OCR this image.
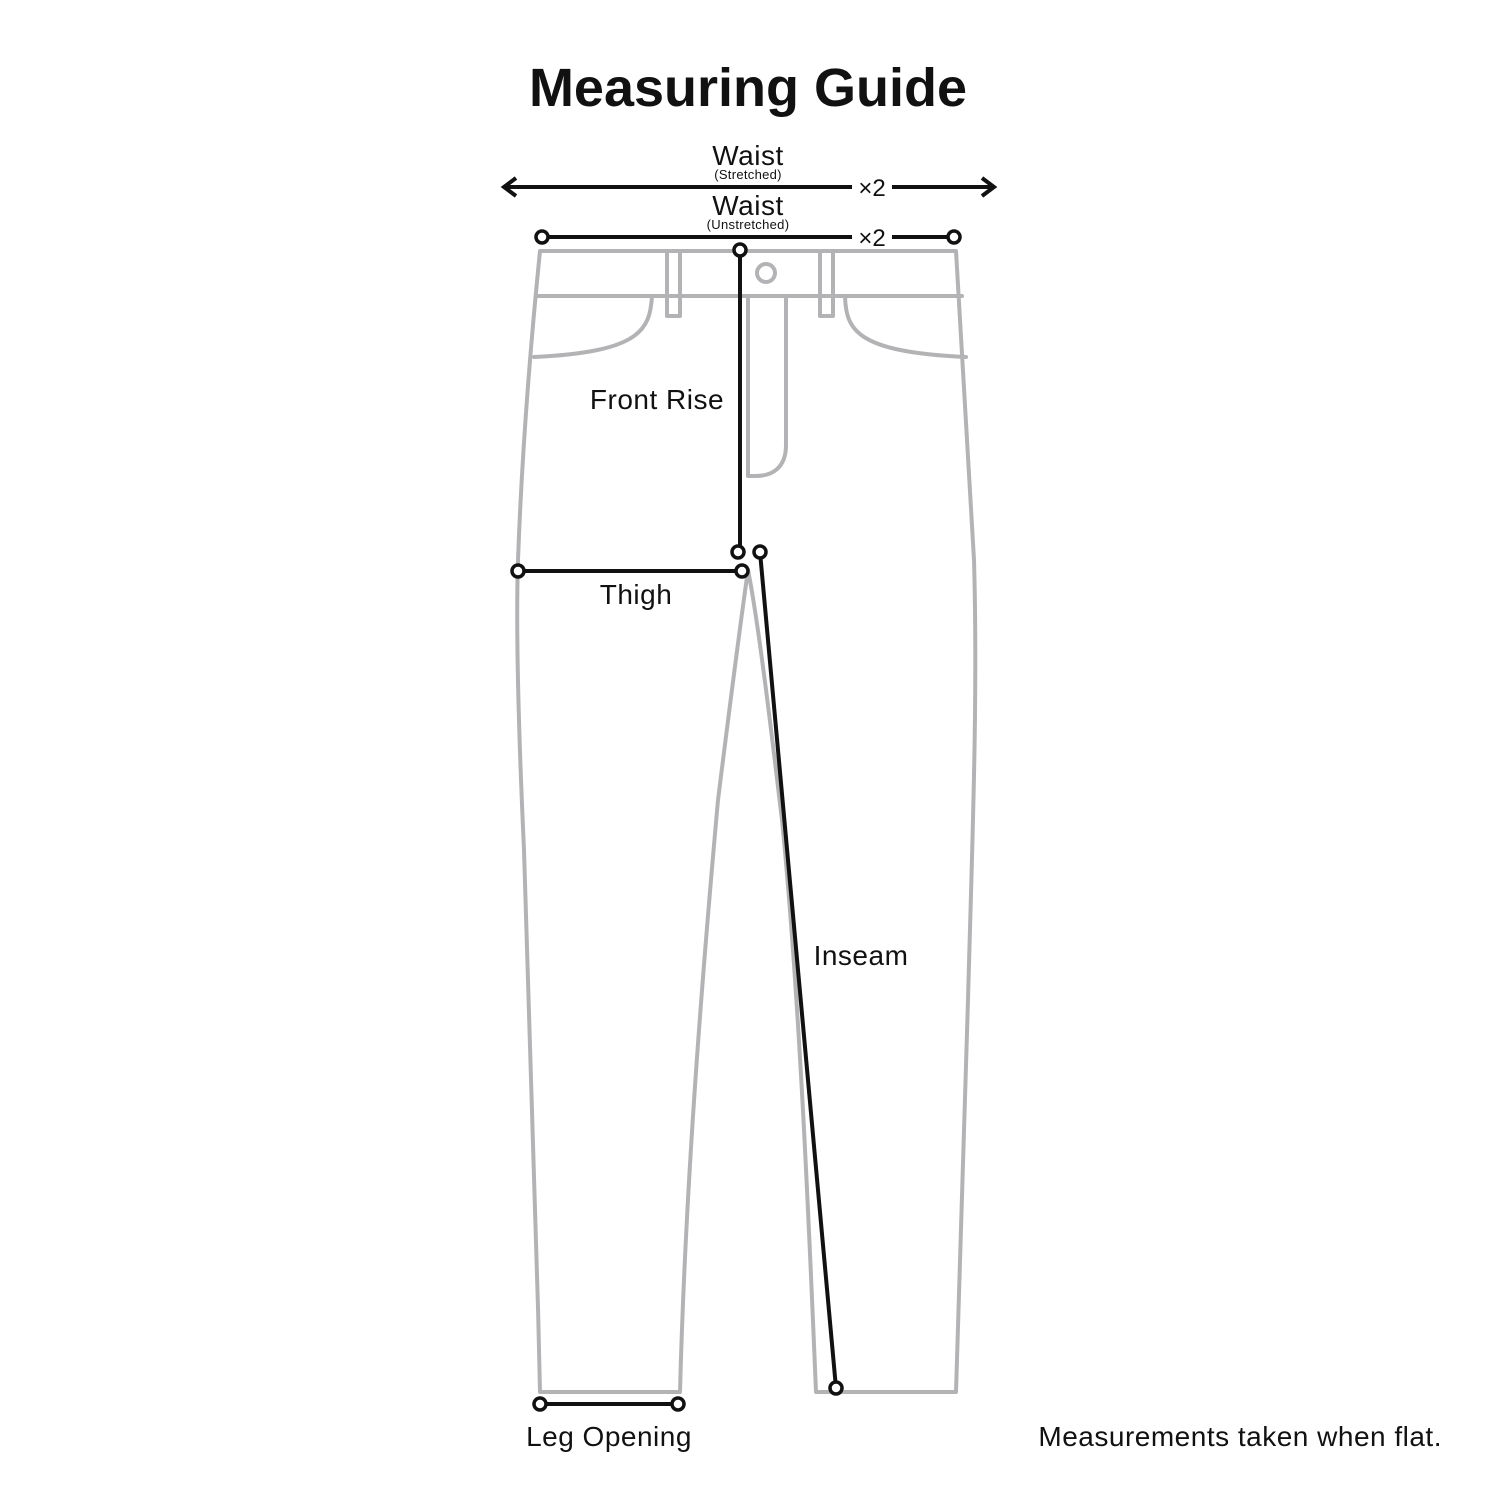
Measuring Guide
Waist
(Stretched)
×2
Waist
(Unstretched)
×2
Front Rise
Thigh
Inseam
Leg Opening	Measurements taken when flat.
